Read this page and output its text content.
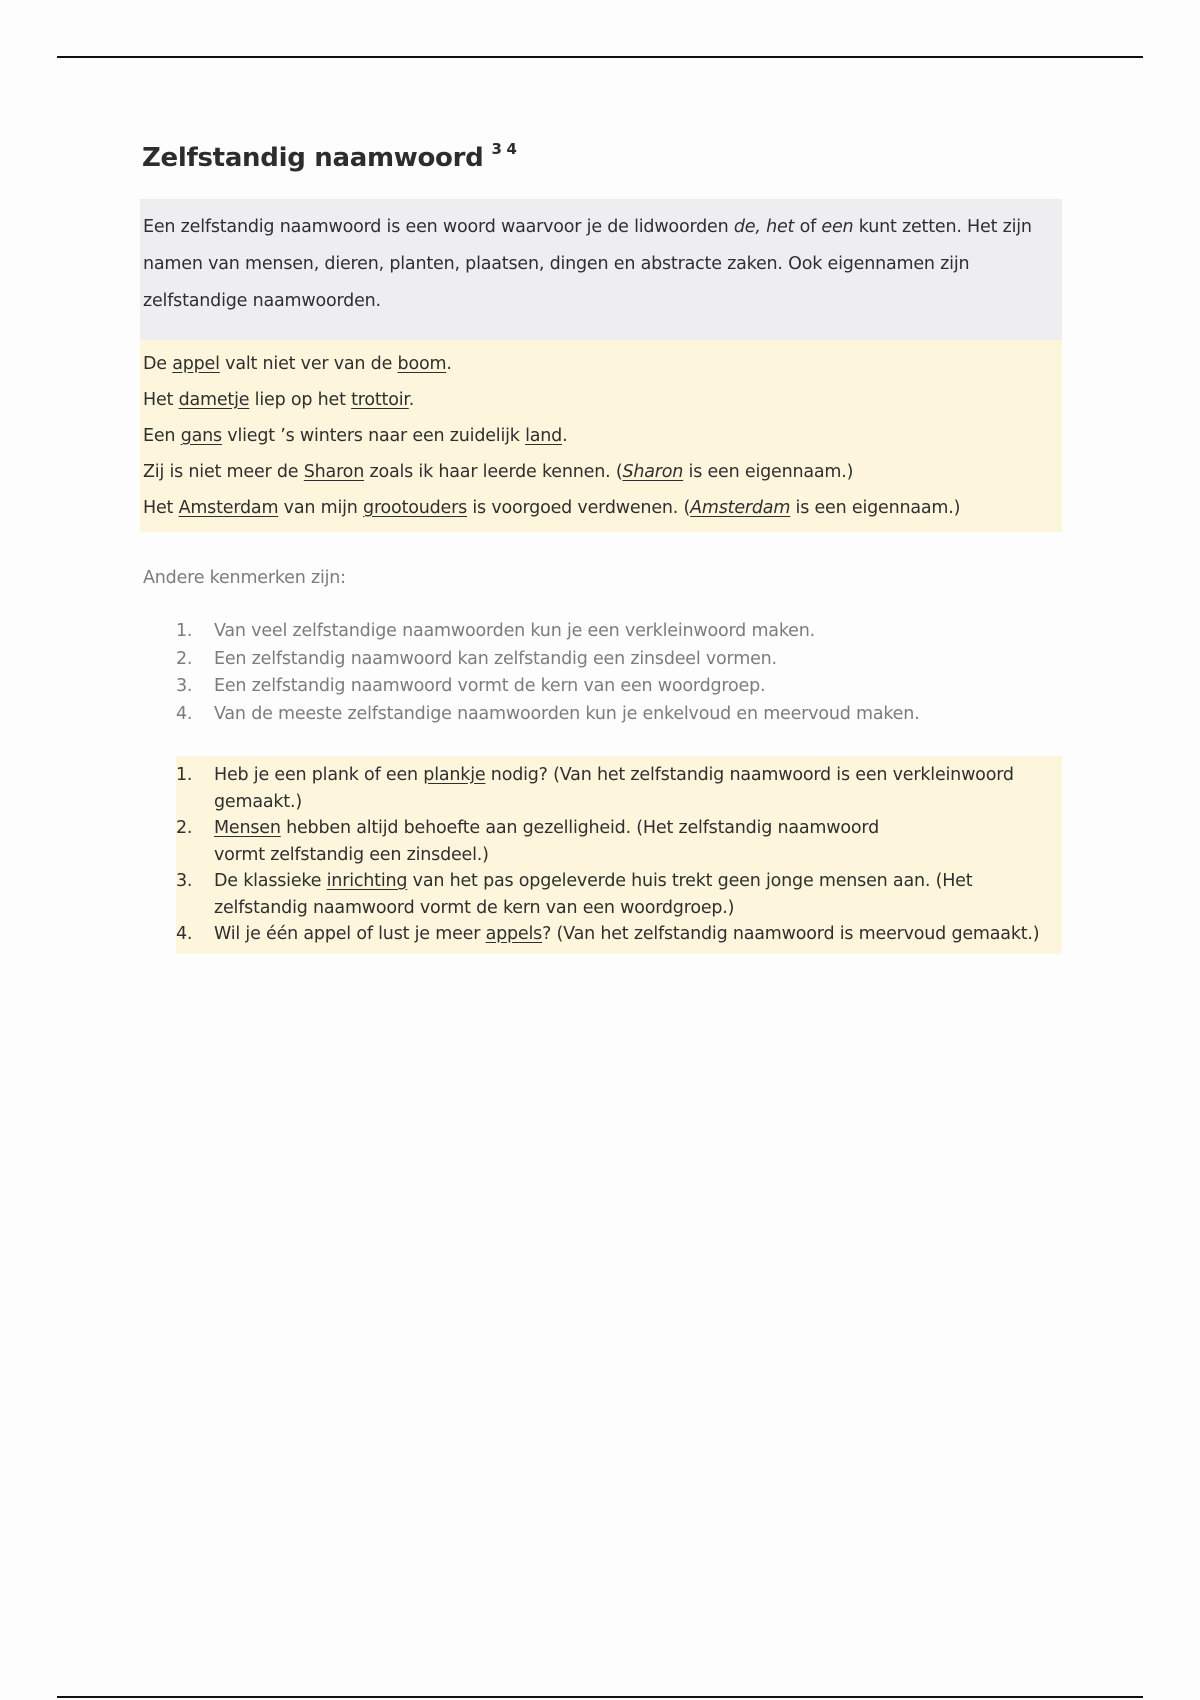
Zelfstandig naamwoord $^{3 4}$
Een zelfstandig naamwoord is een woord waarvoor je de lidwoorden de, het of een kunt zetten. Het zijn namen van mensen, dieren, planten, plaatsen, dingen en abstracte zaken. Ook eigennamen zijn zelfstandige naamwoorden.
De appel valt niet ver van de boom.
Het dametje liep op het trottoir.
Een gans vliegt ’s winters naar een zuidelijk land.
Zij is niet meer de Sharon zoals ik haar leerde kennen. (Sharon is een eigennaam.)
Het Amsterdam van mijn grootouders is voorgoed verdwenen. (Amsterdam is een eigennaam.)
Andere kenmerken zijn:
1.	Van veel zelfstandige naamwoorden kun je een verkleinwoord maken.
2.	Een zelfstandig naamwoord kan zelfstandig een zinsdeel vormen.
3.	Een zelfstandig naamwoord vormt de kern van een woordgroep.
4.	Van de meeste zelfstandige naamwoorden kun je enkelvoud en meervoud maken.
1.	Heb je een plank of een plankje nodig? (Van het zelfstandig naamwoord is een verkleinwoord gemaakt.)
2.	Mensen hebben altijd behoefte aan gezelligheid. (Het zelfstandig naamwoord
vormt zelfstandig een zinsdeel.)
3.	De klassieke inrichting van het pas opgeleverde huis trekt geen jonge mensen aan. (Het zelfstandig naamwoord vormt de kern van een woordgroep.)
4.	Wil je één appel of lust je meer appels? (Van het zelfstandig naamwoord is meervoud gemaakt.)
